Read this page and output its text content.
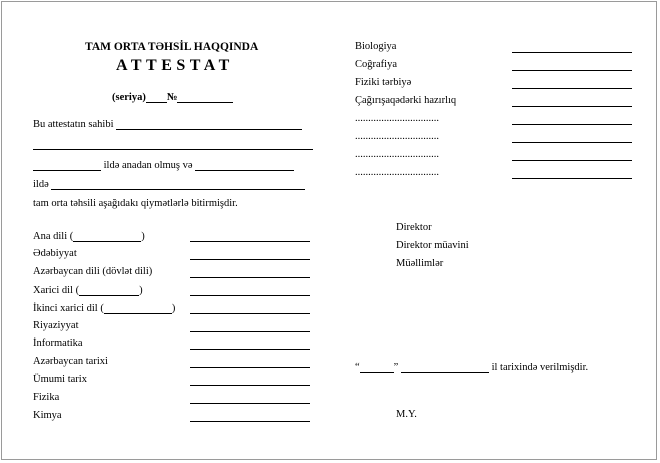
TAM ORTA TƏHSİL HAQQINDA
ATTESTAT
(seriya) №
Bu attestatın sahibi
ildə anadan olmuş və
ildə
tam orta təhsili aşağıdakı qiymətlərlə bitirmişdir.
Ana dili (	)
Ədəbiyyat
Azərbaycan dili (dövlət dili)
Xarici dil (	)
İkinci xarici dil (	)
Riyaziyyat
İnformatika
Azərbaycan tarixi
Ümumi tarix
Fizika
Kimya
Biologiya
Coğrafiya
Fiziki tərbiyə
Çağırışaqədərki hazırlıq
................................
................................
................................
................................
Direktor
Direktor müavini
Müəllimlər
“	”	il tarixində verilmişdir.
M.Y.
